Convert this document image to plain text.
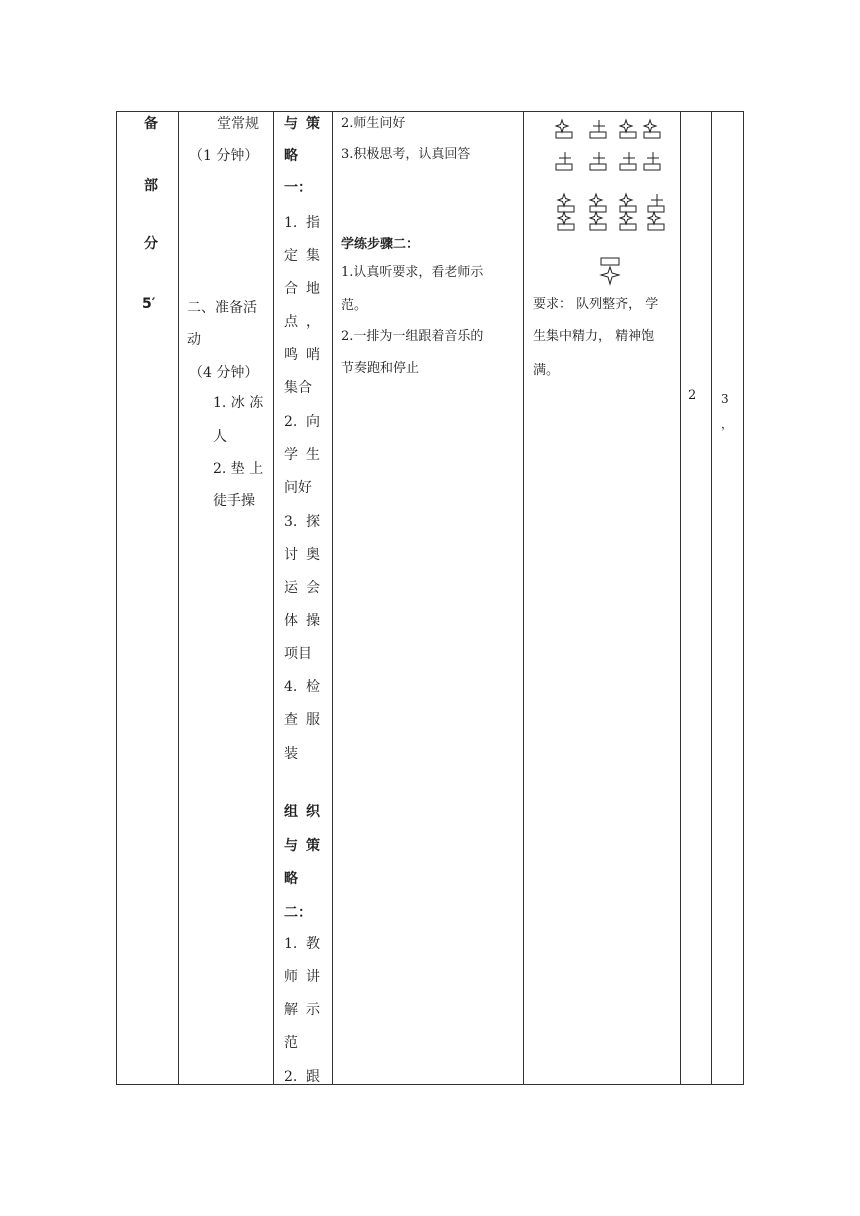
备
部
分
5′
堂常规
（1 分钟）
二、准备活
动
（4 分钟）
1. 冰 冻
人
2. 垫 上
徒手操
与 策
略
一：
1. 指
定 集
合 地
点 ，
鸣 哨
集合
2. 向
学 生
问好
3. 探
讨 奥
运 会
体 操
项目
4. 检
查 服
装
组 织
与 策
略
二：
1. 教
师 讲
解 示
范
2. 跟
2.师生问好
3.积极思考，认真回答
学练步骤二：
1.认真听要求，看老师示
范。
2.一排为一组跟着音乐的
节奏跑和停止
要求： 队列整齐， 学
生集中精力， 精神饱
满。
2 3
，
